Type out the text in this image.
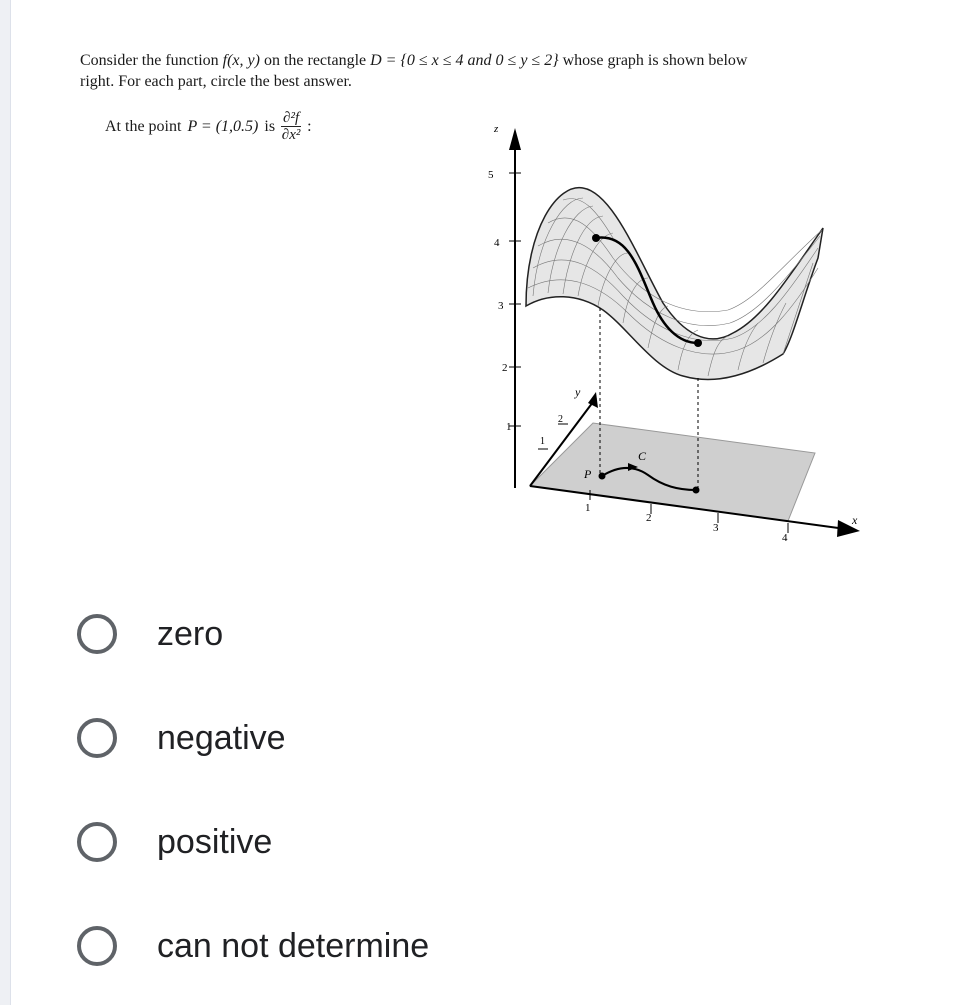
Consider the function f(x, y) on the rectangle D = {0 ≤ x ≤ 4 and 0 ≤ y ≤ 2} whose graph is shown below
right. For each part, circle the best answer.
At the point P = (1,0.5) is $\frac{\text{∂²f}}{\text{∂x²}}$ :	z
5
4
3
2
1
x
1
2
3
4
y
1
2
P
C
zero
negative
positive
can not determine
